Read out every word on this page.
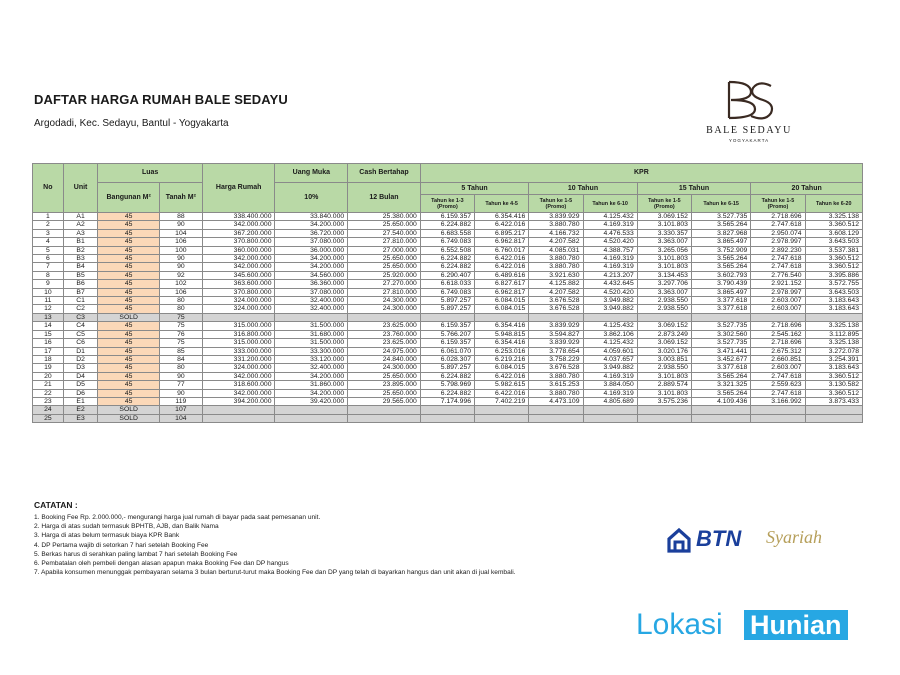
DAFTAR HARGA RUMAH BALE SEDAYU
Argodadi, Kec. Sedayu, Bantul - Yogyakarta
BALE SEDAYU
YOGYAKARTA
No	Unit	Luas		Harga Rumah	Uang Muka	Cash Bertahap	KPR							
		Bangunan M²	Tanah M²		10%	12 Bulan	5 Tahun		10 Tahun		15 Tahun		20 Tahun	
							Tahun ke 1-3 (Promo)	Tahun ke 4-5	Tahun ke 1-5 (Promo)	Tahun ke 6-10	Tahun ke 1-5 (Promo)	Tahun ke 6-15	Tahun ke 1-5 (Promo)	Tahun ke 6-20
1	A1	45	88	338.400.000	33.840.000	25.380.000	6.159.357	6.354.416	3.839.929	4.125.432	3.069.152	3.527.735	2.718.696	3.325.138
2	A2	45	90	342.000.000	34.200.000	25.650.000	6.224.882	6.422.016	3.880.780	4.169.319	3.101.803	3.565.264	2.747.618	3.360.512
3	A3	45	104	367.200.000	36.720.000	27.540.000	6.683.558	6.895.217	4.166.732	4.476.533	3.330.357	3.827.968	2.950.074	3.608.129
4	B1	45	106	370.800.000	37.080.000	27.810.000	6.749.083	6.962.817	4.207.582	4.520.420	3.363.007	3.865.497	2.978.997	3.643.503
5	B2	45	100	360.000.000	36.000.000	27.000.000	6.552.508	6.760.017	4.085.031	4.388.757	3.265.056	3.752.909	2.892.230	3.537.381
6	B3	45	90	342.000.000	34.200.000	25.650.000	6.224.882	6.422.016	3.880.780	4.169.319	3.101.803	3.565.264	2.747.618	3.360.512
7	B4	45	90	342.000.000	34.200.000	25.650.000	6.224.882	6.422.016	3.880.780	4.169.319	3.101.803	3.565.264	2.747.618	3.360.512
8	B5	45	92	345.600.000	34.560.000	25.920.000	6.290.407	6.489.616	3.921.630	4.213.207	3.134.453	3.602.793	2.776.540	3.395.886
9	B6	45	102	363.600.000	36.360.000	27.270.000	6.618.033	6.827.617	4.125.882	4.432.645	3.297.706	3.790.439	2.921.152	3.572.755
10	B7	45	106	370.800.000	37.080.000	27.810.000	6.749.083	6.962.817	4.207.582	4.520.420	3.363.007	3.865.497	2.978.997	3.643.503
11	C1	45	80	324.000.000	32.400.000	24.300.000	5.897.257	6.084.015	3.676.528	3.949.882	2.938.550	3.377.618	2.603.007	3.183.643
12	C2	45	80	324.000.000	32.400.000	24.300.000	5.897.257	6.084.015	3.676.528	3.949.882	2.938.550	3.377.618	2.603.007	3.183.643
13	C3	SOLD	75											
14	C4	45	75	315.000.000	31.500.000	23.625.000	6.159.357	6.354.416	3.839.929	4.125.432	3.069.152	3.527.735	2.718.696	3.325.138
15	C5	45	76	316.800.000	31.680.000	23.760.000	5.766.207	5.948.815	3.594.827	3.862.106	2.873.249	3.302.560	2.545.162	3.112.895
16	C6	45	75	315.000.000	31.500.000	23.625.000	6.159.357	6.354.416	3.839.929	4.125.432	3.069.152	3.527.735	2.718.696	3.325.138
17	D1	45	85	333.000.000	33.300.000	24.975.000	6.061.070	6.253.016	3.778.654	4.059.601	3.020.176	3.471.441	2.675.312	3.272.078
18	D2	45	84	331.200.000	33.120.000	24.840.000	6.028.307	6.219.216	3.758.229	4.037.657	3.003.851	3.452.677	2.660.851	3.254.391
19	D3	45	80	324.000.000	32.400.000	24.300.000	5.897.257	6.084.015	3.676.528	3.949.882	2.938.550	3.377.618	2.603.007	3.183.643
20	D4	45	90	342.000.000	34.200.000	25.650.000	6.224.882	6.422.016	3.880.780	4.169.319	3.101.803	3.565.264	2.747.618	3.360.512
21	D5	45	77	318.600.000	31.860.000	23.895.000	5.798.969	5.982.615	3.615.253	3.884.050	2.889.574	3.321.325	2.559.623	3.130.582
22	D6	45	90	342.000.000	34.200.000	25.650.000	6.224.882	6.422.016	3.880.780	4.169.319	3.101.803	3.565.264	2.747.618	3.360.512
23	E1	45	119	394.200.000	39.420.000	29.565.000	7.174.996	7.402.219	4.473.109	4.805.689	3.575.236	4.109.436	3.166.992	3.873.433
24	E2	SOLD	107											
25	E3	SOLD	104											
CATATAN :
1. Booking Fee Rp. 2.000.000,- mengurangi harga jual rumah di bayar pada saat pemesanan unit.
2. Harga di atas sudah termasuk BPHTB, AJB, dan Balik Nama
3. Harga di atas belum termasuk biaya KPR Bank
4. DP Pertama wajib di setorkan 7 hari setelah Booking Fee
5. Berkas harus di serahkan paling lambat 7 hari setelah Booking Fee
6. Pembatalan oleh pembeli dengan alasan apapun maka Booking Fee dan DP hangus
7. Apabila konsumen menunggak pembayaran selama 3 bulan berturut-turut maka Booking Fee dan DP yang telah di bayarkan hangus dan unit akan di jual kembali.
BTN Syariah
Lokasi Hunian
